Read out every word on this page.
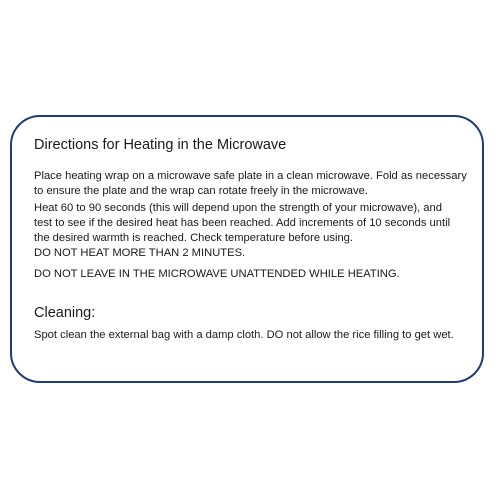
Directions for Heating in the Microwave
Place heating wrap on a microwave safe plate in a clean microwave. Fold as necessary
to ensure the plate and the wrap can rotate freely in the microwave.
Heat 60 to 90 seconds (this will depend upon the strength of your microwave), and
test to see if the desired heat has been reached. Add increments of 10 seconds until
the desired warmth is reached. Check temperature before using.
DO NOT HEAT MORE THAN 2 MINUTES.
DO NOT LEAVE IN THE MICROWAVE UNATTENDED WHILE HEATING.
Cleaning:
Spot clean the external bag with a damp cloth. DO not allow the rice filling to get wet.
